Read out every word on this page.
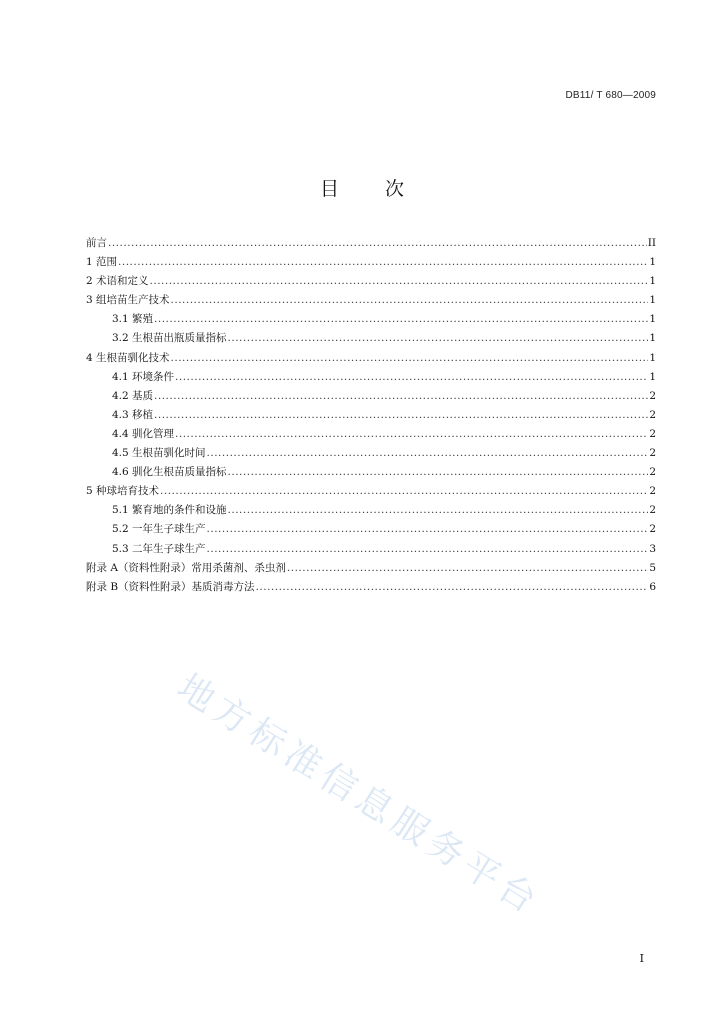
DB11/ T 680—2009
目 次
前言 .....	II
1 范围 .....	1
2 术语和定义 .....	1
3 组培苗生产技术 .....	1
3.1 繁殖 .....	1
3.2 生根苗出瓶质量指标 .....	1
4 生根苗驯化技术 .....	1
4.1 环境条件 .....	1
4.2 基质 .....	2
4.3 移植 .....	2
4.4 驯化管理 .....	2
4.5 生根苗驯化时间 .....	2
4.6 驯化生根苗质量指标 .....	2
5 种球培育技术 .....	2
5.1 繁育地的条件和设施 .....	2
5.2 一年生子球生产 .....	2
5.3 二年生子球生产 .....	3
附录 A（资料性附录）常用杀菌剂、杀虫剂 .....	5
附录 B（资料性附录）基质消毒方法 .....	6
地方标准信息服务平台
I
